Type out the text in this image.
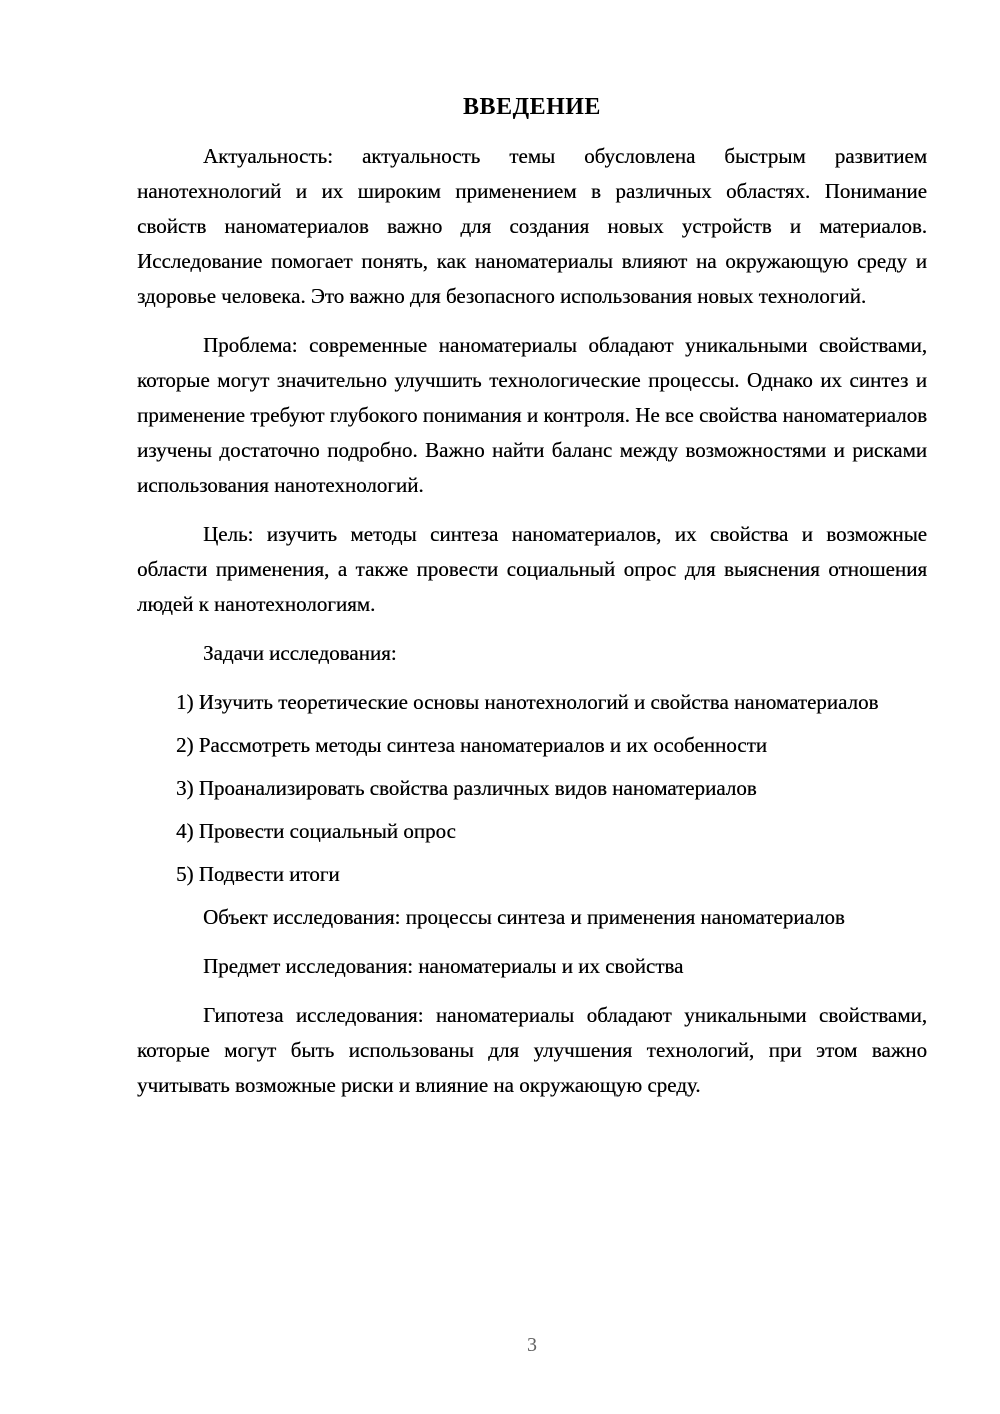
ВВЕДЕНИЕ

Актуальность: актуальность темы обусловлена быстрым развитием нанотехнологий и их широким применением в различных областях. Понимание свойств наноматериалов важно для создания новых устройств и материалов. Исследование помогает понять, как наноматериалы влияют на окружающую среду и здоровье человека. Это важно для безопасного использования новых технологий.

Проблема: современные наноматериалы обладают уникальными свойствами, которые могут значительно улучшить технологические процессы. Однако их синтез и применение требуют глубокого понимания и контроля. Не все свойства наноматериалов изучены достаточно подробно. Важно найти баланс между возможностями и рисками использования нанотехнологий.

Цель: изучить методы синтеза наноматериалов, их свойства и возможные области применения, а также провести социальный опрос для выяснения отношения людей к нанотехнологиям.

Задачи исследования:

1) Изучить теоретические основы нанотехнологий и свойства наноматериалов

2) Рассмотреть методы синтеза наноматериалов и их особенности

3) Проанализировать свойства различных видов наноматериалов

4) Провести социальный опрос

5) Подвести итоги

Объект исследования: процессы синтеза и применения наноматериалов

Предмет исследования: наноматериалы и их свойства

Гипотеза исследования: наноматериалы обладают уникальными свойствами, которые могут быть использованы для улучшения технологий, при этом важно учитывать возможные риски и влияние на окружающую среду.

3
